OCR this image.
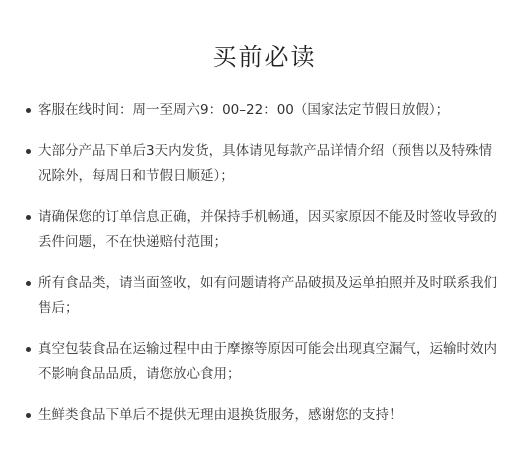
买前必读
客服在线时间：周一至周六9：00–22：00（国家法定节假日放假）；
大部分产品下单后3天内发货，具体请见每款产品详情介绍（预售以及特殊情况除外，每周日和节假日顺延）；
请确保您的订单信息正确，并保持手机畅通，因买家原因不能及时签收导致的丢件问题，不在快递赔付范围；
所有食品类，请当面签收，如有问题请将产品破损及运单拍照并及时联系我们售后；
真空包装食品在运输过程中由于摩擦等原因可能会出现真空漏气，运输时效内不影响食品品质，请您放心食用；
生鲜类食品下单后不提供无理由退换货服务，感谢您的支持！
